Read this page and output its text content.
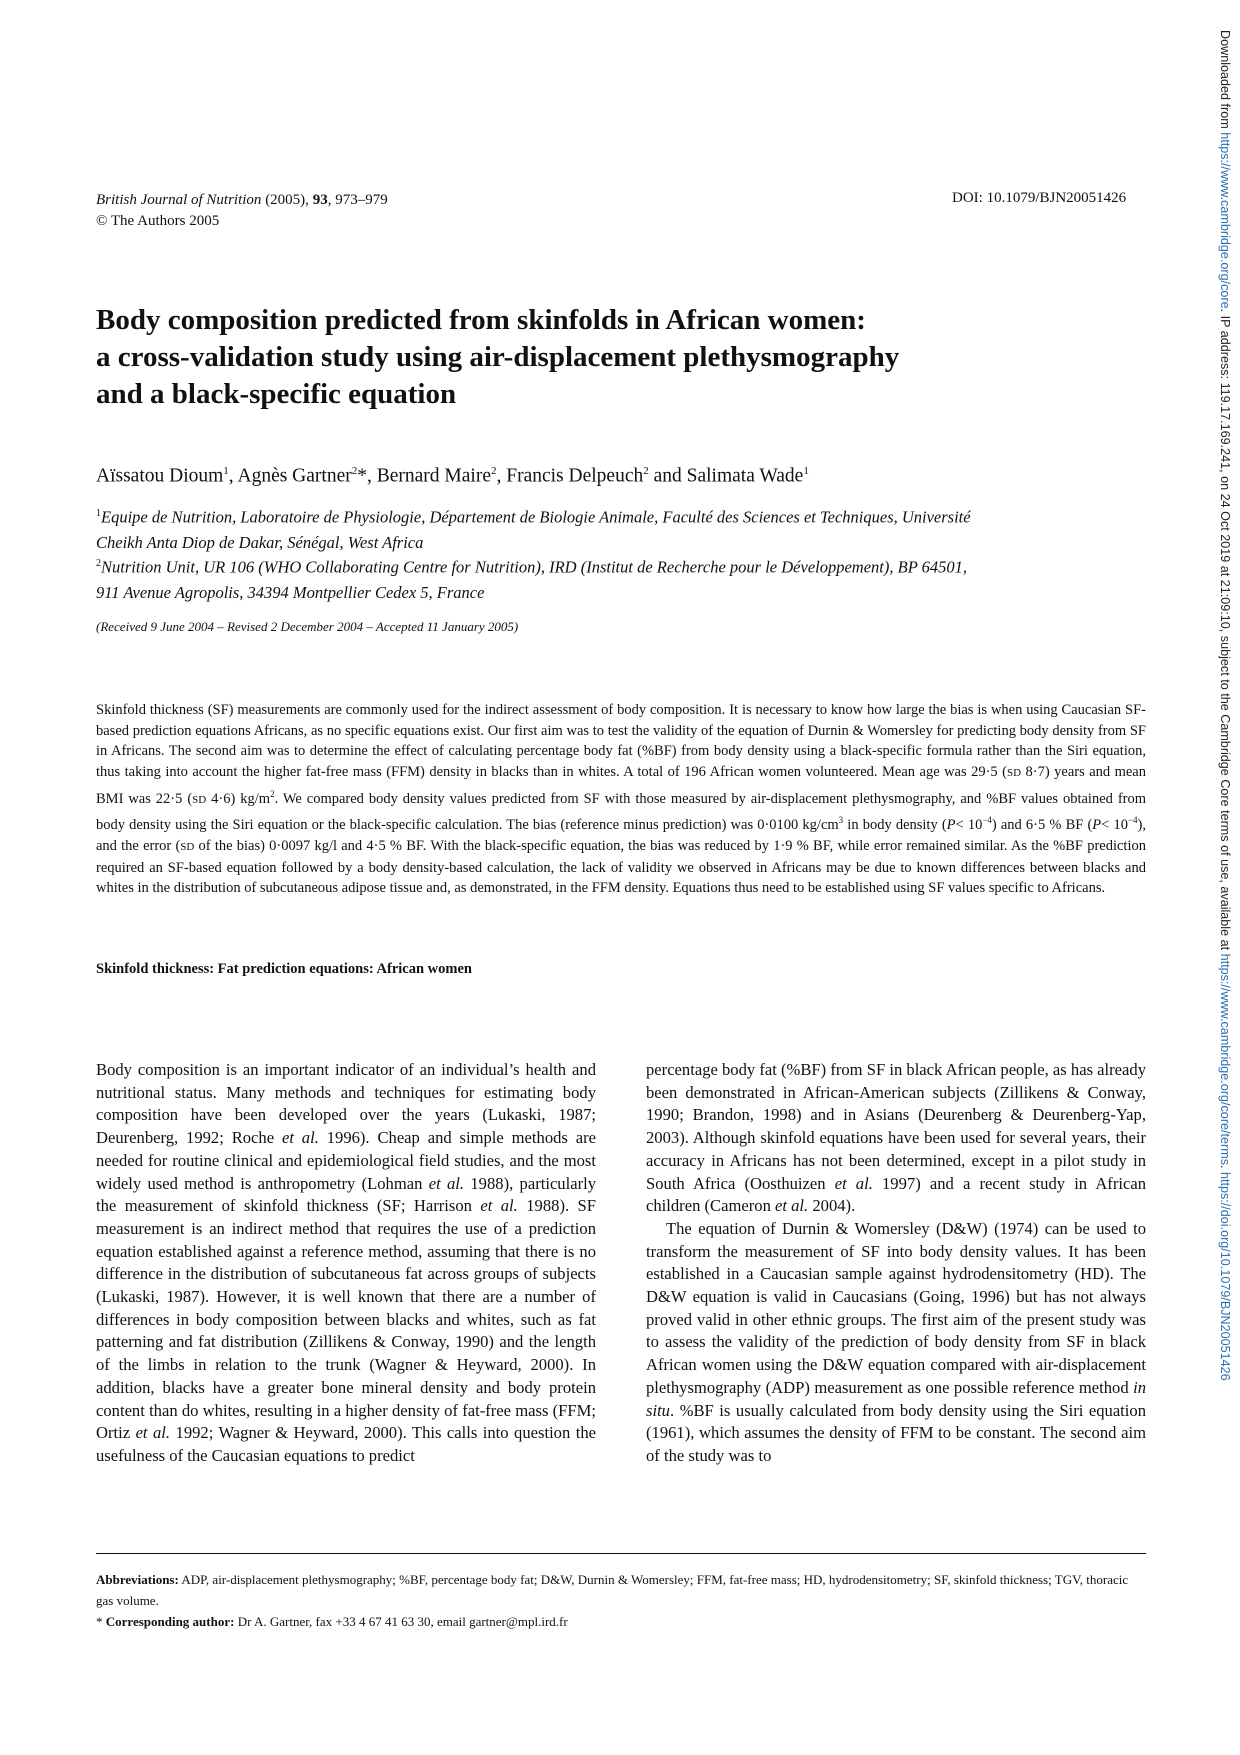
British Journal of Nutrition (2005), 93, 973–979
© The Authors 2005
DOI: 10.1079/BJN20051426
Body composition predicted from skinfolds in African women:
a cross-validation study using air-displacement plethysmography
and a black-specific equation
Aïssatou Dioum$^1$, Agnès Gartner$^2$*, Bernard Maire$^2$, Francis Delpeuch$^2$ and Salimata Wade$^1$
$^1$Equipe de Nutrition, Laboratoire de Physiologie, Département de Biologie Animale, Faculté des Sciences et Techniques, Université
Cheikh Anta Diop de Dakar, Sénégal, West Africa
$^2$Nutrition Unit, UR 106 (WHO Collaborating Centre for Nutrition), IRD (Institut de Recherche pour le Développement), BP 64501,
911 Avenue Agropolis, 34394 Montpellier Cedex 5, France
(Received 9 June 2004 – Revised 2 December 2004 – Accepted 11 January 2005)

Skinfold thickness (SF) measurements are commonly used for the indirect assessment of body composition. It is necessary to know how large the bias is when using Caucasian SF-based prediction equations Africans, as no specific equations exist. Our first aim was to test the validity of the equation of Durnin & Womersley for predicting body density from SF in Africans. The second aim was to determine the effect of calculating percentage body fat (%BF) from body density using a black-specific formula rather than the Siri equation, thus taking into account the higher fat-free mass (FFM) density in blacks than in whites. A total of 196 African women volunteered. Mean age was 29·5 (SD 8·7) years and mean BMI was 22·5 (SD 4·6) $kg/m^2$. We compared body density values predicted from SF with those measured by air-displacement plethysmography, and %BF values obtained from body density using the Siri equation or the black-specific calculation. The bias (reference minus prediction) was 0·0100 $kg/cm^3$ in body density $(P< 10^{-4})$ and 6·5 % BF $(P< 10^{-4})$, and the error (SD of the bias) 0·0097 kg/l and 4·5 % BF. With the black-specific equation, the bias was reduced by 1·9 % BF, while error remained similar. As the %BF prediction required an SF-based equation followed by a body density-based calculation, the lack of validity we observed in Africans may be due to known differences between blacks and whites in the distribution of subcutaneous adipose tissue and, as demonstrated, in the FFM density. Equations thus need to be established using SF values specific to Africans.

Skinfold thickness: Fat prediction equations: African women

Body composition is an important indicator of an individual’s health and nutritional status. Many methods and techniques for estimating body composition have been developed over the years (Lukaski, 1987; Deurenberg, 1992; Roche et al. 1996). Cheap and simple methods are needed for routine clinical and epidemiological field studies, and the most widely used method is anthropometry (Lohman et al. 1988), particularly the measurement of skinfold thickness (SF; Harrison et al. 1988). SF measurement is an indirect method that requires the use of a prediction equation established against a reference method, assuming that there is no difference in the distribution of subcutaneous fat across groups of subjects (Lukaski, 1987). However, it is well known that there are a number of differences in body composition between blacks and whites, such as fat patterning and fat distribution (Zillikens & Conway, 1990) and the length of the limbs in relation to the trunk (Wagner & Heyward, 2000). In addition, blacks have a greater bone mineral density and body protein content than do whites, resulting in a higher density of fat-free mass (FFM; Ortiz et al. 1992; Wagner & Heyward, 2000). This calls into question the usefulness of the Caucasian equations to predict

percentage body fat (%BF) from SF in black African people, as has already been demonstrated in African-American subjects (Zillikens & Conway, 1990; Brandon, 1998) and in Asians (Deurenberg & Deurenberg-Yap, 2003). Although skinfold equations have been used for several years, their accuracy in Africans has not been determined, except in a pilot study in South Africa (Oosthuizen et al. 1997) and a recent study in African children (Cameron et al. 2004).

The equation of Durnin & Womersley (D&W) (1974) can be used to transform the measurement of SF into body density values. It has been established in a Caucasian sample against hydrodensitometry (HD). The D&W equation is valid in Caucasians (Going, 1996) but has not always proved valid in other ethnic groups. The first aim of the present study was to assess the validity of the prediction of body density from SF in black African women using the D&W equation compared with air-displacement plethysmography (ADP) measurement as one possible reference method in situ. %BF is usually calculated from body density using the Siri equation (1961), which assumes the density of FFM to be constant. The second aim of the study was to

Abbreviations: ADP, air-displacement plethysmography; %BF, percentage body fat; D&W, Durnin & Womersley; FFM, fat-free mass; HD, hydrodensitometry; SF, skinfold thickness; TGV, thoracic gas volume.

* Corresponding author: Dr A. Gartner, fax +33 4 67 41 63 30, email gartner@mpl.ird.fr

Downloaded from https://www.cambridge.org/core. IP address: 119.17.169.241, on 24 Oct 2019 at 21:09:10, subject to the Cambridge Core terms of use, available at https://www.cambridge.org/core/terms. https://doi.org/10.1079/BJN20051426
